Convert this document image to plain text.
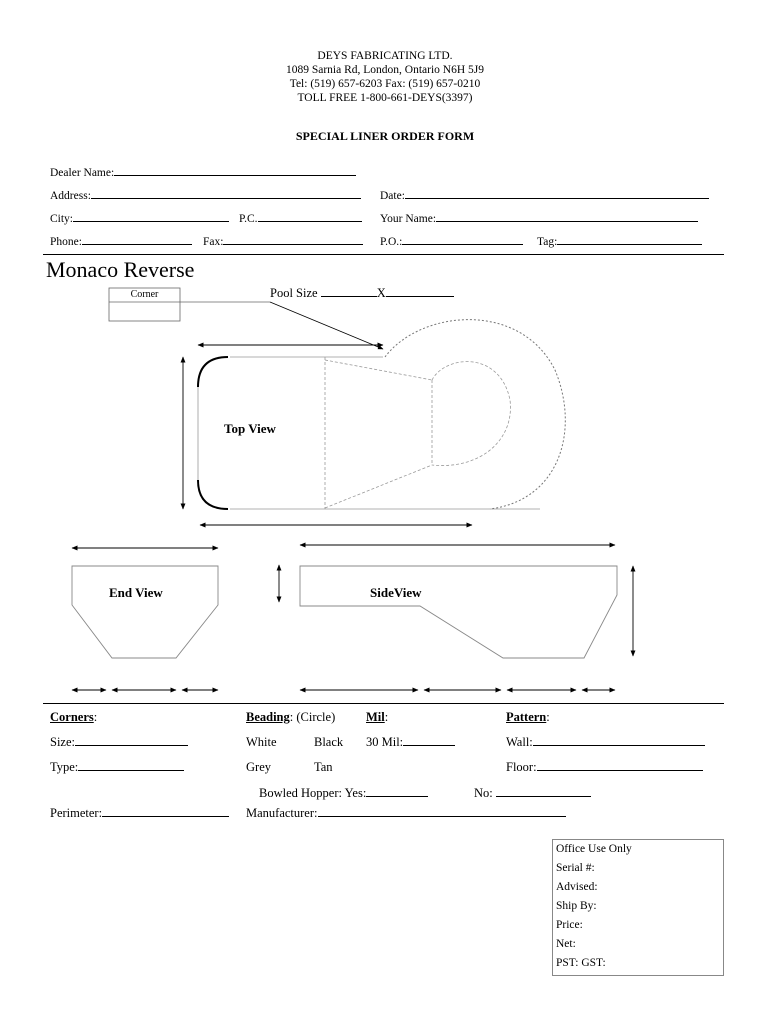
DEYS FABRICATING LTD.
1089 Sarnia Rd, London, Ontario N6H 5J9
Tel: (519) 657-6203 Fax: (519) 657-0210
TOLL FREE 1-800-661-DEYS(3397)
SPECIAL LINER ORDER FORM
Dealer Name:
Address:	Date:
City:	P.C.	Your Name:
Phone:	Fax:	P.O.:	Tag:
Monaco Reverse
Corner	Pool Size	X
Top View
End View	SideView
Corners:
Size:
Type:
Beading: (Circle)
White	Black
Grey	Tan
Mil:
30 Mil:
Pattern:
Wall:
Floor:
Bowled Hopper: Yes:	No:
Perimeter:	Manufacturer:
Office Use Only
Serial #:
Advised:
Ship By:
Price:
Net:
PST: GST:
